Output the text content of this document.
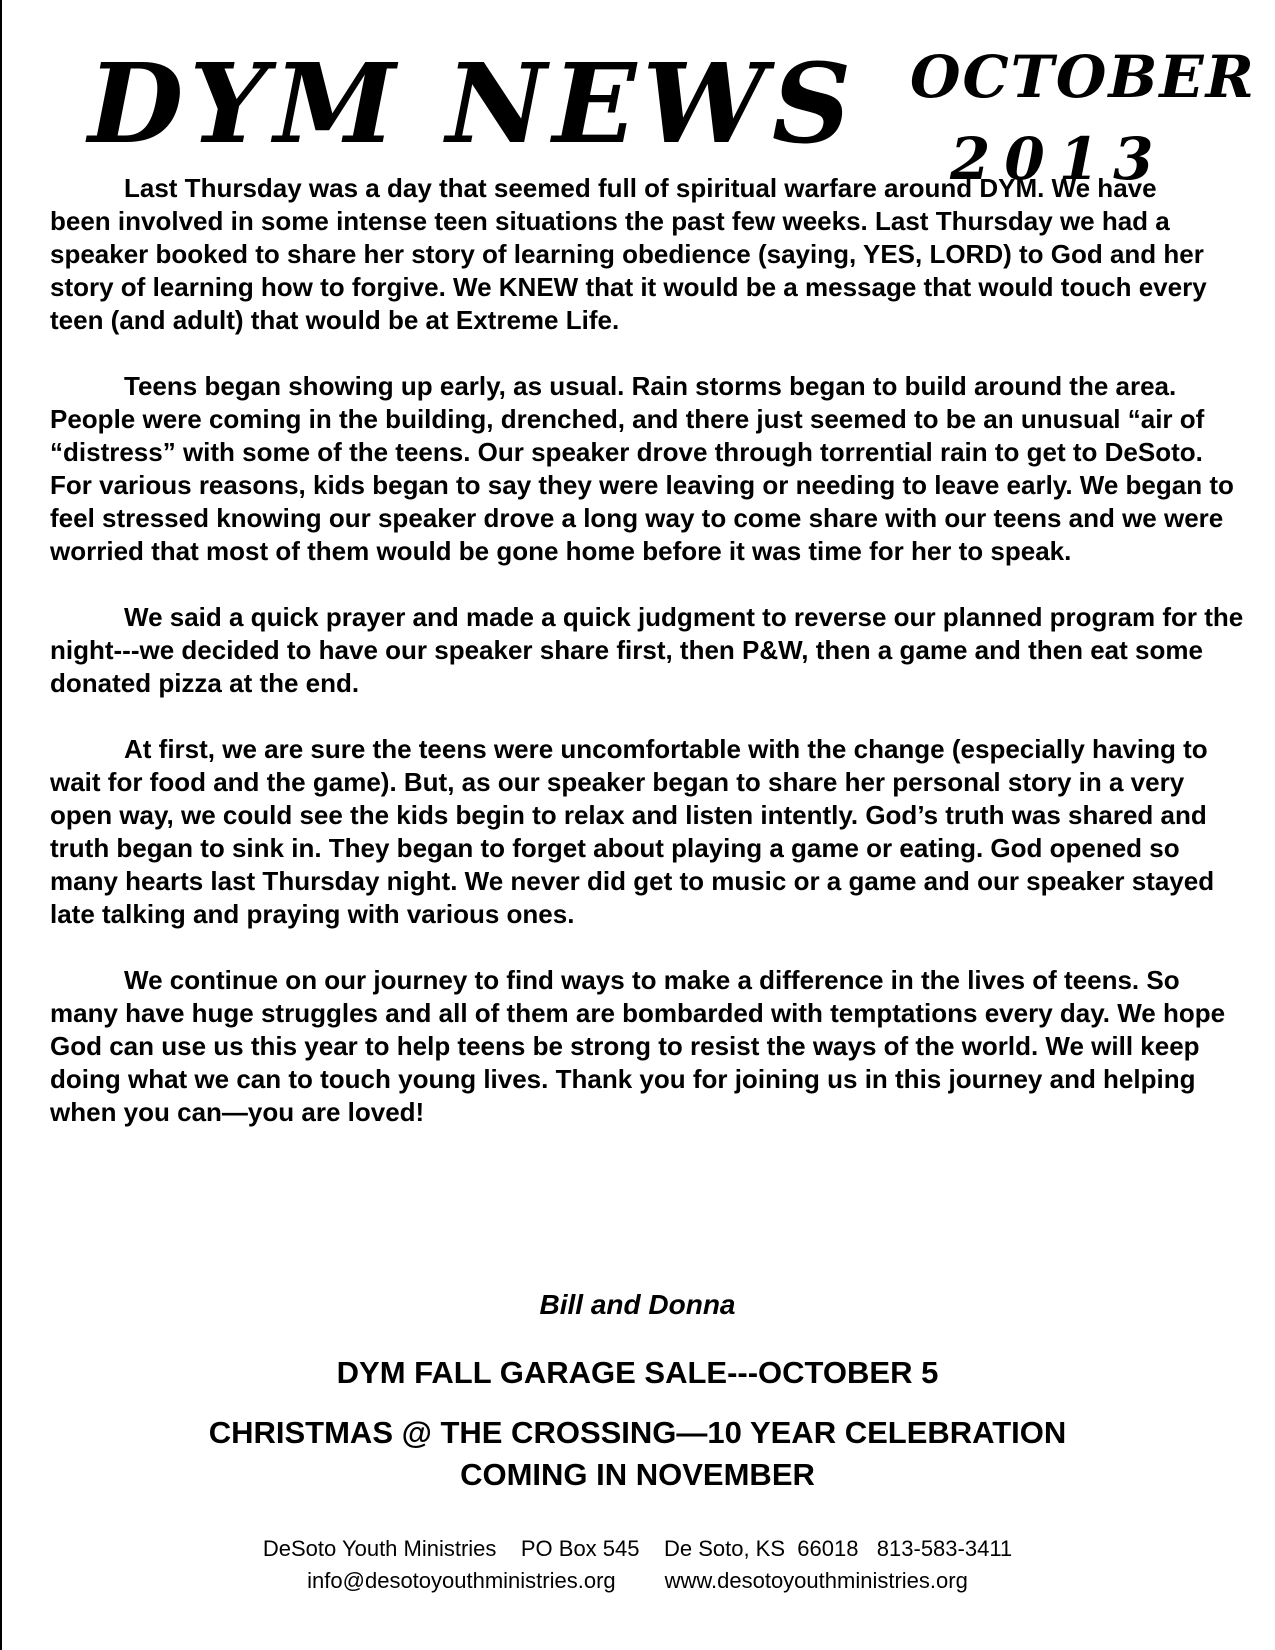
DYM NEWS OCTOBER
2013

Last Thursday was a day that seemed full of spiritual warfare around DYM. We have been involved in some intense teen situations the past few weeks. Last Thursday we had a speaker booked to share her story of learning obedience (saying, YES, LORD) to God and her story of learning how to forgive. We KNEW that it would be a message that would touch every teen (and adult) that would be at Extreme Life.

Teens began showing up early, as usual. Rain storms began to build around the area. People were coming in the building, drenched, and there just seemed to be an unusual “air of “distress” with some of the teens. Our speaker drove through torrential rain to get to DeSoto. For various reasons, kids began to say they were leaving or needing to leave early. We began to feel stressed knowing our speaker drove a long way to come share with our teens and we were worried that most of them would be gone home before it was time for her to speak.

We said a quick prayer and made a quick judgment to reverse our planned program for the night---we decided to have our speaker share first, then P&W, then a game and then eat some donated pizza at the end.

At first, we are sure the teens were uncomfortable with the change (especially having to wait for food and the game). But, as our speaker began to share her personal story in a very open way, we could see the kids begin to relax and listen intently. God’s truth was shared and truth began to sink in. They began to forget about playing a game or eating. God opened so many hearts last Thursday night. We never did get to music or a game and our speaker stayed late talking and praying with various ones.

We continue on our journey to find ways to make a difference in the lives of teens. So many have huge struggles and all of them are bombarded with temptations every day. We hope God can use us this year to help teens be strong to resist the ways of the world. We will keep doing what we can to touch young lives. Thank you for joining us in this journey and helping when you can—you are loved!

Bill and Donna
DYM FALL GARAGE SALE---OCTOBER 5
CHRISTMAS @ THE CROSSING—10 YEAR CELEBRATION
COMING IN NOVEMBER
DeSoto Youth Ministries PO Box 545 De Soto, KS  66018 813-583-3411
info@desotoyouthministries.org www.desotoyouthministries.org
